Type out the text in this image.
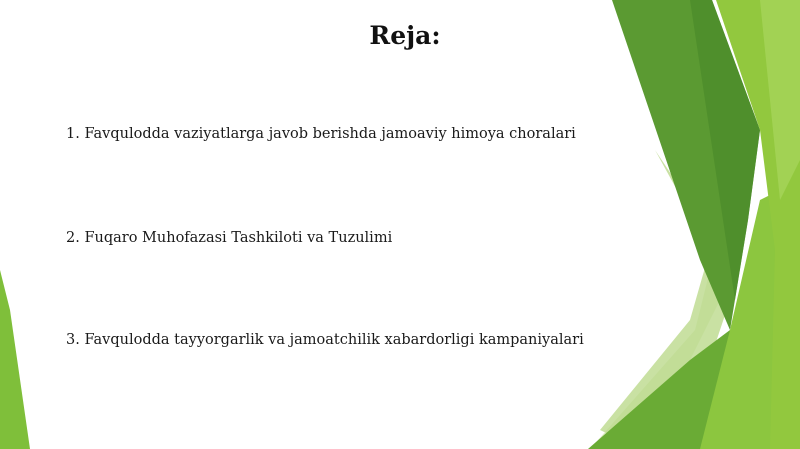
Reja:
1. Favqulodda vaziyatlarga javob berishda jamoaviy himoya choralari
2. Fuqaro Muhofazasi Tashkiloti va Tuzulimi
3. Favqulodda tayyorgarlik va jamoatchilik xabardorligi kampaniyalari
